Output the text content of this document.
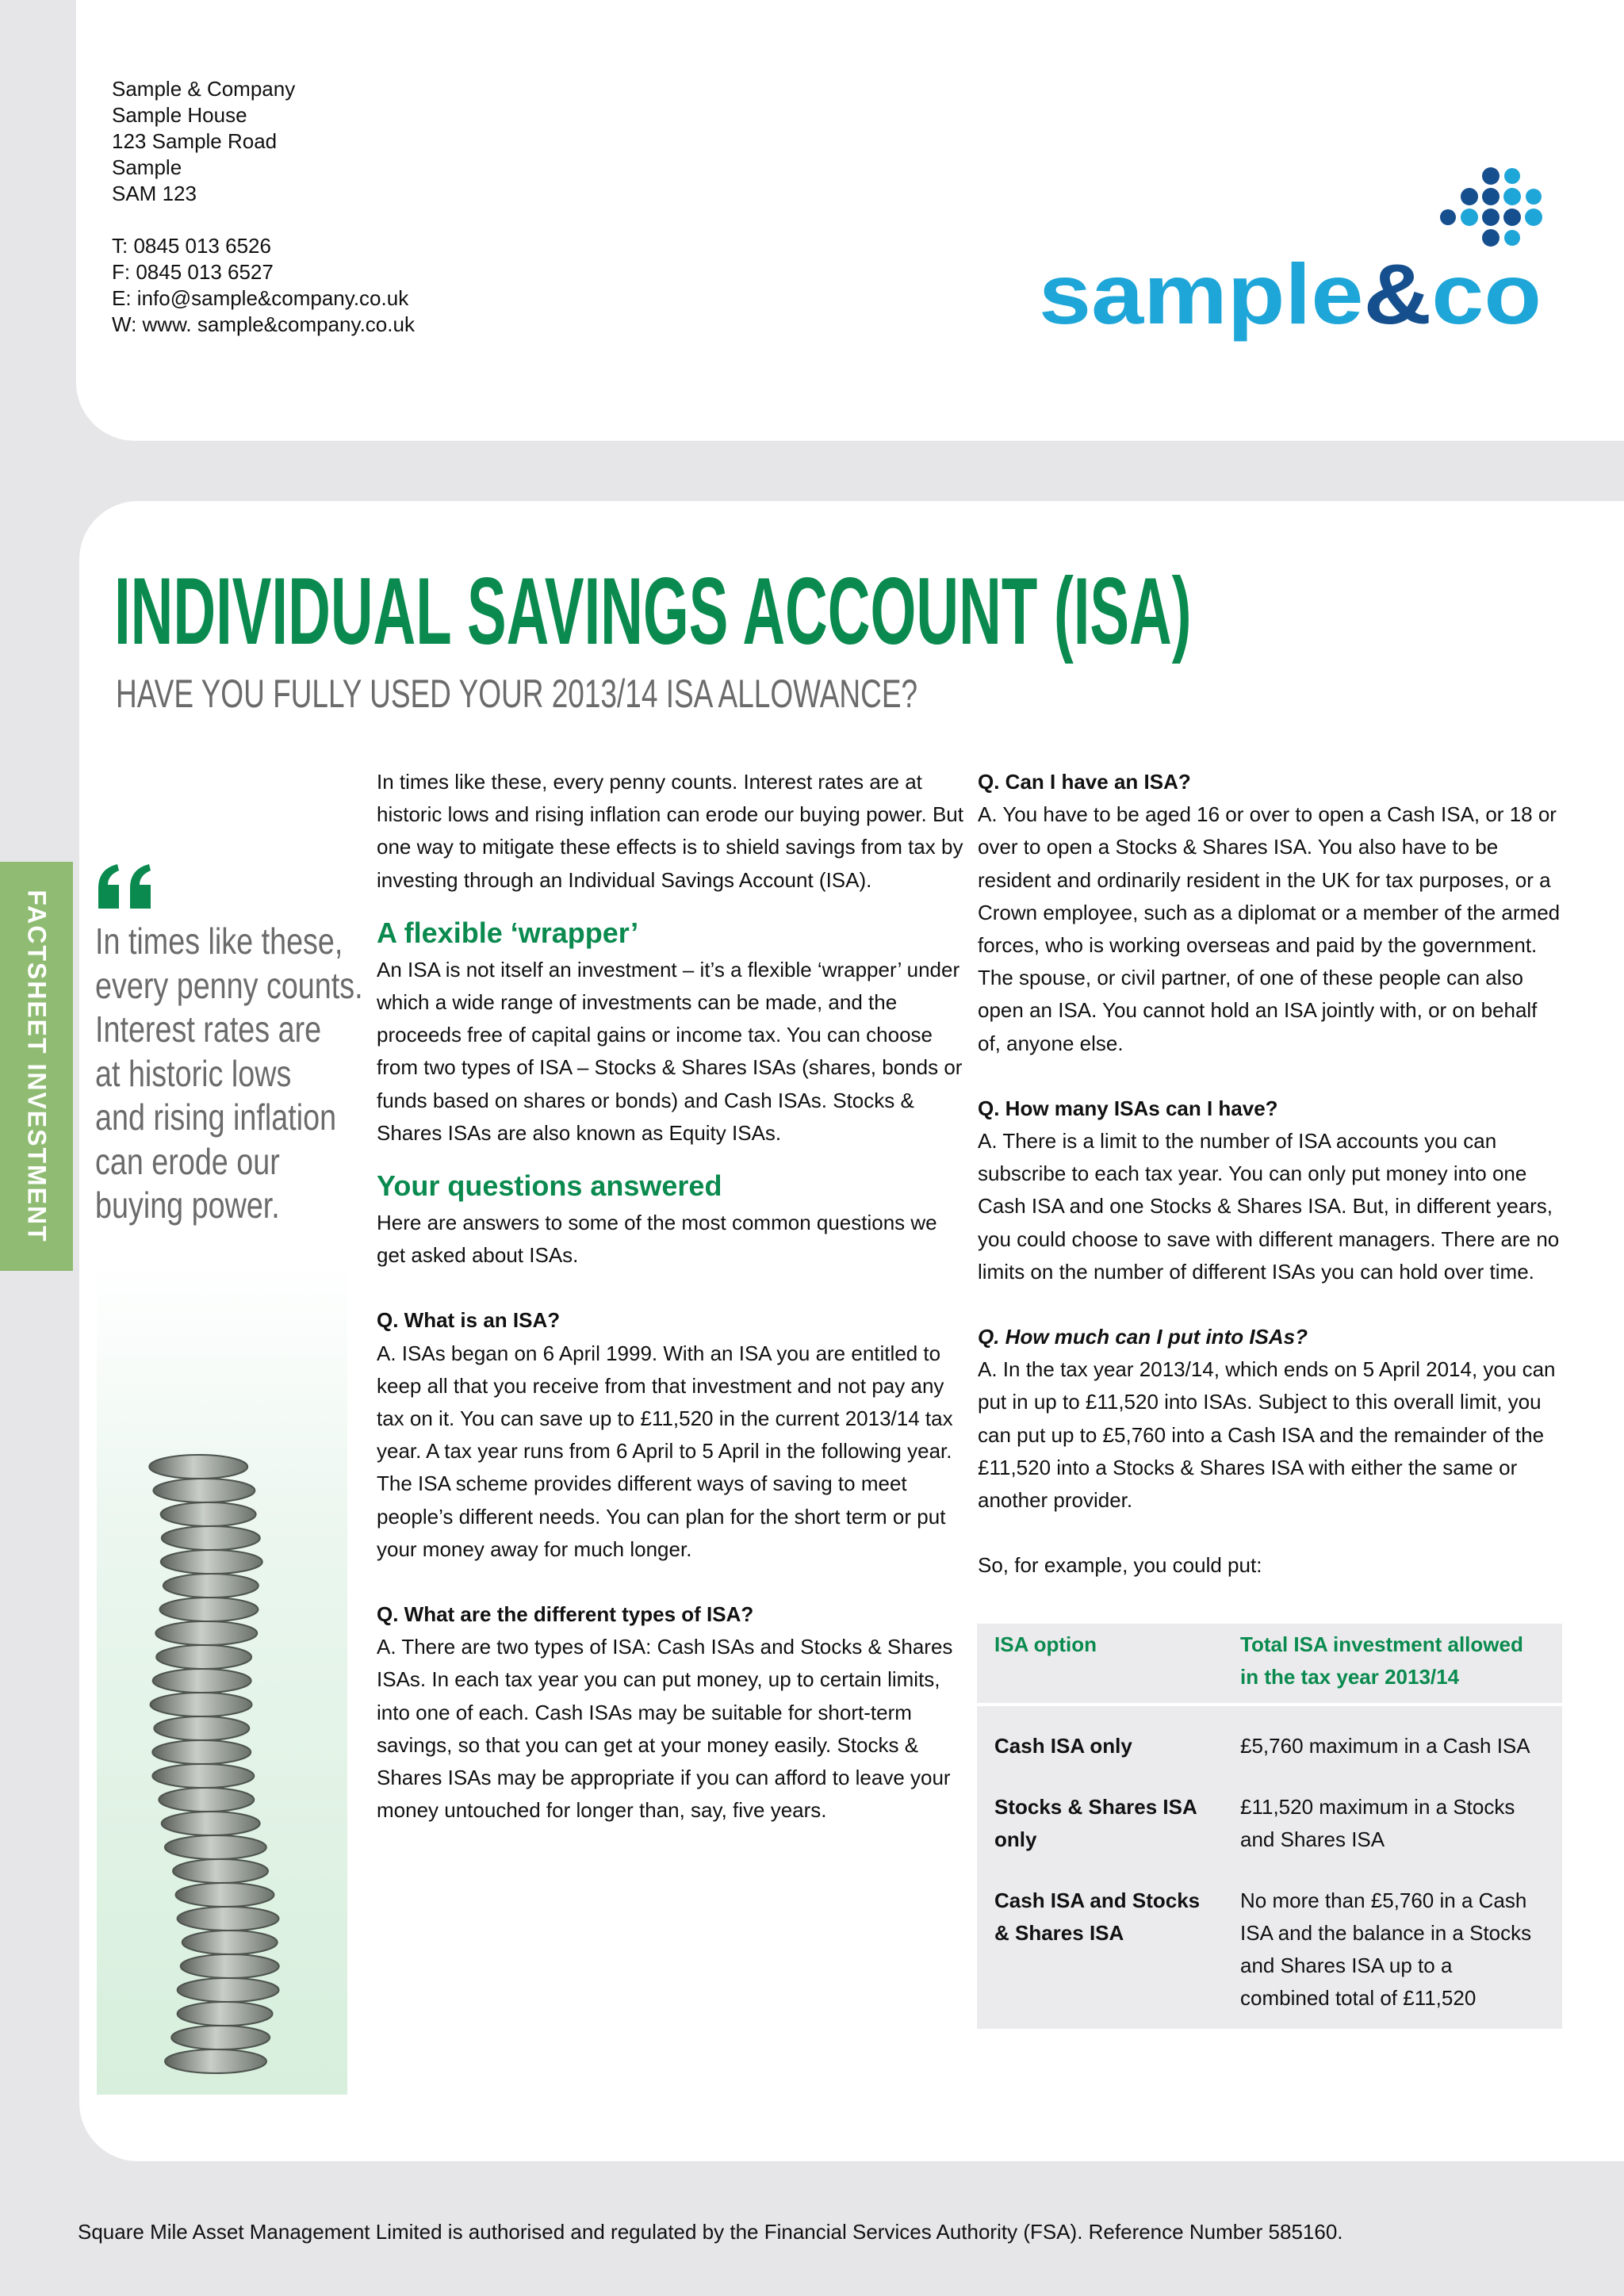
Sample & Company
Sample House
123 Sample Road
Sample
SAM 123
T: 0845 013 6526
F: 0845 013 6527
E: info@sample&company.co.uk
W: www. sample&company.co.uk	sample &co
INDIVIDUAL SAVINGS ACCOUNT (ISA)
HAVE YOU FULLY USED YOUR 2013/14 ISA ALLOWANCE?
FACTSHEET INVESTMENT In times like these,
every penny counts.
Interest rates are
at historic lows
and rising inflation
can erode our
buying power.

In times like these, every penny counts. Interest rates are at historic lows and rising inflation can erode our buying power. But one way to mitigate these effects is to shield savings from tax by investing through an Individual Savings Account (ISA).

A flexible ‘wrapper’

An ISA is not itself an investment – it’s a flexible ‘wrapper’ under which a wide range of investments can be made, and the proceeds free of capital gains or income tax. You can choose from two types of ISA – Stocks & Shares ISAs (shares, bonds or funds based on shares or bonds) and Cash ISAs. Stocks & Shares ISAs are also known as Equity ISAs.

Your questions answered

Here are answers to some of the most common questions we get asked about ISAs.

Q. What is an ISA?

A. ISAs began on 6 April 1999. With an ISA you are entitled to keep all that you receive from that investment and not pay any tax on it. You can save up to £11,520 in the current 2013/14 tax year. A tax year runs from 6 April to 5 April in the following year. The ISA scheme provides different ways of saving to meet people’s different needs. You can plan for the short term or put your money away for much longer.

Q. What are the different types of ISA?

A. There are two types of ISA: Cash ISAs and Stocks & Shares ISAs. In each tax year you can put money, up to certain limits, into one of each. Cash ISAs may be suitable for short-term savings, so that you can get at your money easily. Stocks & Shares ISAs may be appropriate if you can afford to leave your money untouched for longer than, say, five years.

Q. Can I have an ISA?

A. You have to be aged 16 or over to open a Cash ISA, or 18 or over to open a Stocks & Shares ISA. You also have to be resident and ordinarily resident in the UK for tax purposes, or a Crown employee, such as a diplomat or a member of the armed forces, who is working overseas and paid by the government. The spouse, or civil partner, of one of these people can also open an ISA. You cannot hold an ISA jointly with, or on behalf of, anyone else.

Q. How many ISAs can I have?

A. There is a limit to the number of ISA accounts you can subscribe to each tax year. You can only put money into one Cash ISA and one Stocks & Shares ISA. But, in different years, you could choose to save with different managers. There are no limits on the number of different ISAs you can hold over time.

Q. How much can I put into ISAs?

A. In the tax year 2013/14, which ends on 5 April 2014, you can put in up to £11,520 into ISAs. Subject to this overall limit, you can put up to £5,760 into a Cash ISA and the remainder of the £11,520 into a Stocks & Shares ISA with either the same or another provider.

So, for example, you could put:

ISA option	Total ISA investment allowed in the tax year 2013/14
Cash ISA only	£5,760 maximum in a Cash ISA
Stocks & Shares ISA only	£11,520 maximum in a Stocks and Shares ISA
Cash ISA and Stocks & Shares ISA	No more than £5,760 in a Cash ISA and the balance in a Stocks and Shares ISA up to a combined total of £11,520
Square Mile Asset Management Limited is authorised and regulated by the Financial Services Authority (FSA). Reference Number 585160.
